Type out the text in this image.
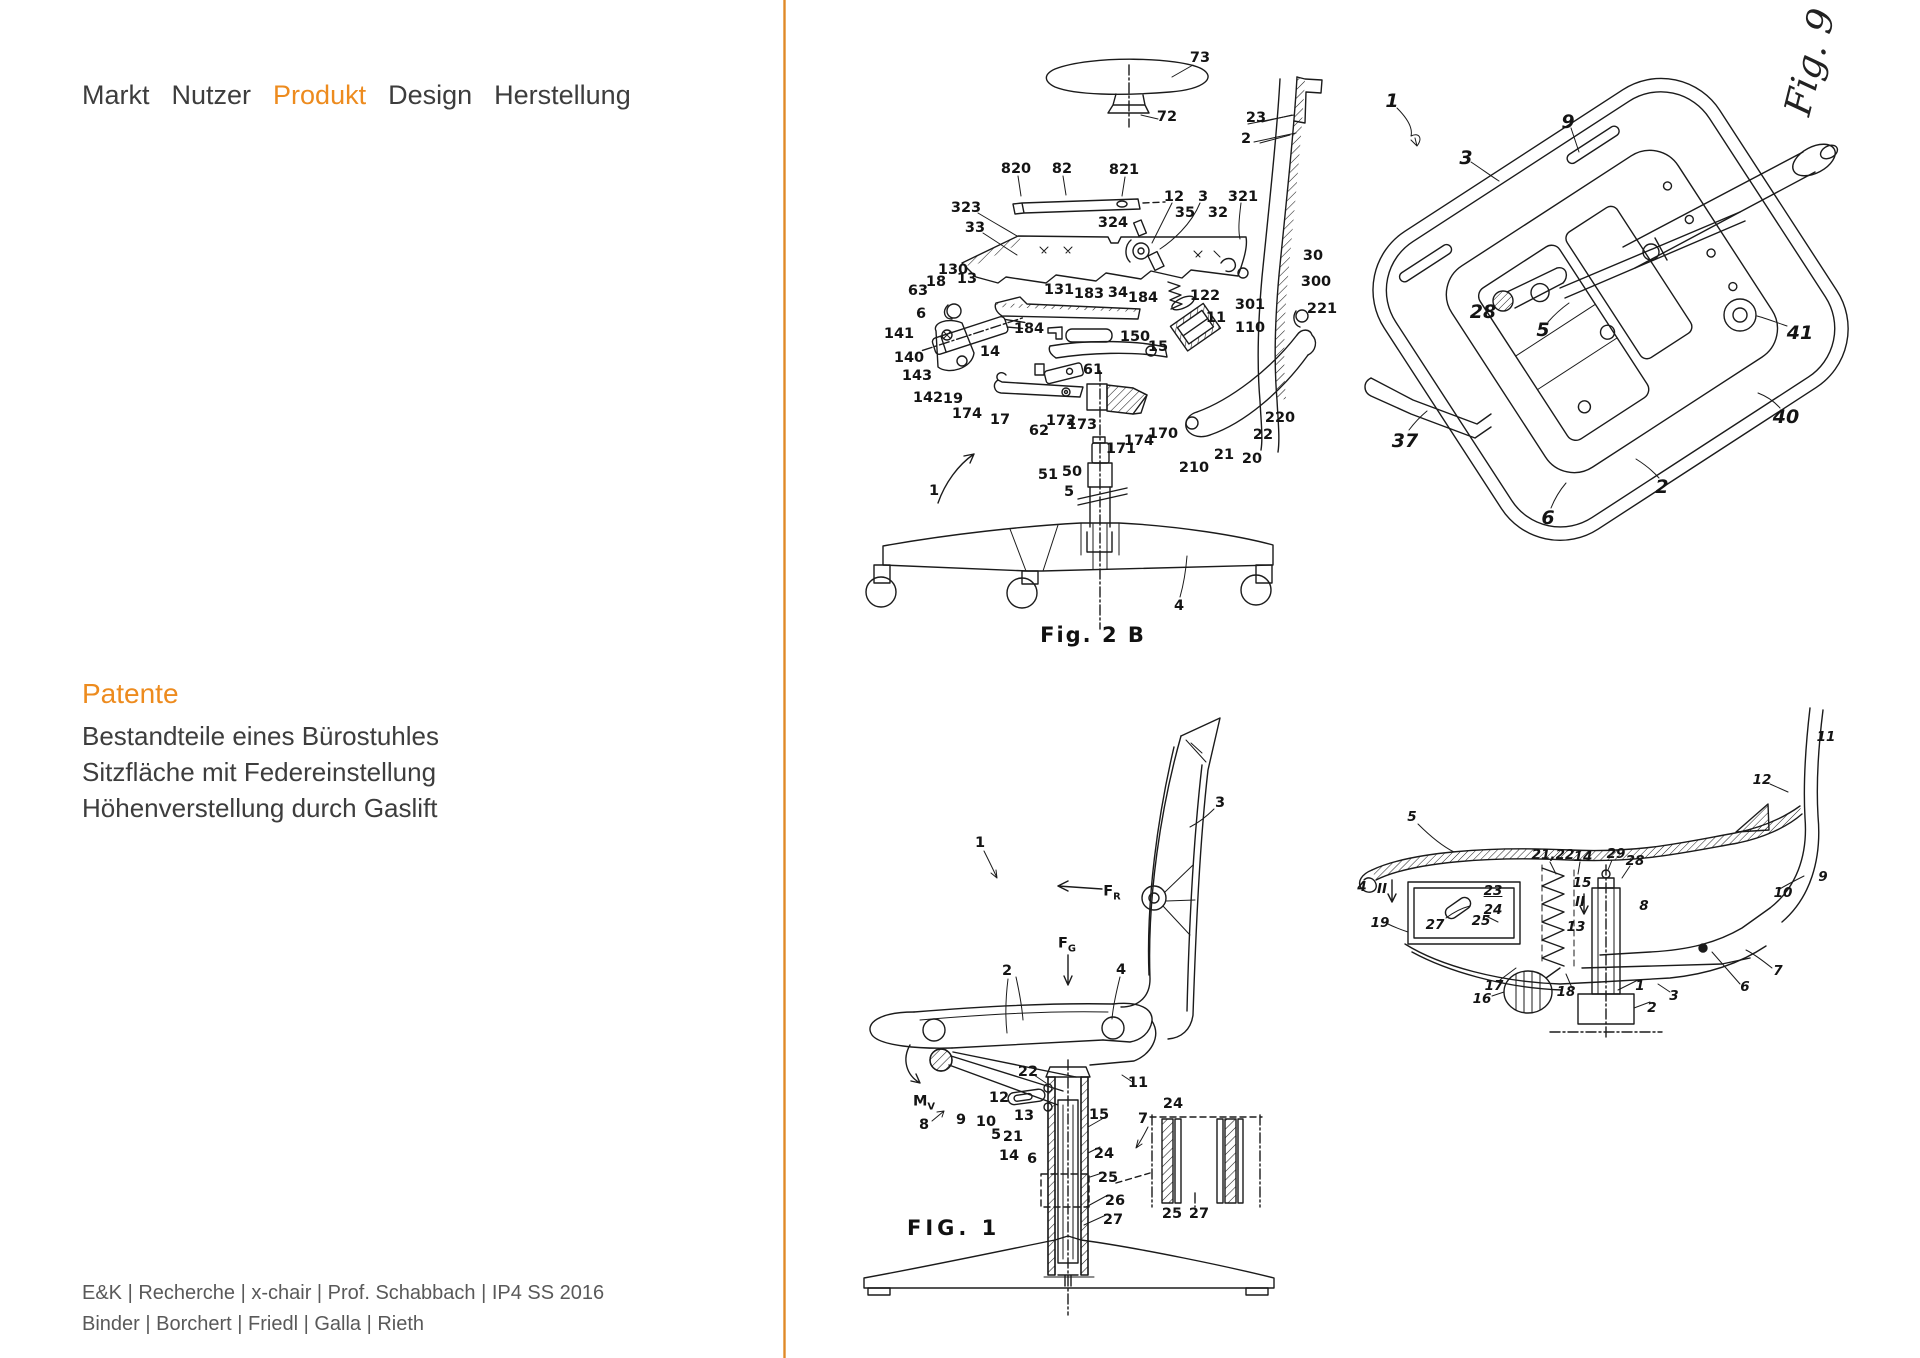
Markt Nutzer Produkt Design Herstellung
Patente
Bestandteile eines Bürostuhles
Sitzfläche mit Federeinstellung
Höhenverstellung durch Gaslift
E&K | Recherche | x-chair | Prof. Schabbach | IP4 SS 2016
Binder | Borchert | Friedl | Galla | Rieth
Fig. 2 B
73
72
820 82	821
12 3 321
23
2
323
33	324
35 32
30
300
130
13
131 183 34 184 122
301	221
63
18
6
141
140
143
142 19
174
14
184	150
15
11
110
61
17
62
172
173
171
174
170
220
22
21 20
210
51 50
5
1
4
Fig. 9
1
9
3
28
5	41
37
40
2
6
FIG. 1
1
3
$F_R$
$F_G$
2	4
22
11
12
13	15
$M_V$
8 9 10
5 21
14 6	24
25
26
27
7
24
25 27
11
12
5
21,22 14 29 28
15
II	23
24
27 25
II
13
19
8
9
10
4
17
16	18	1
2
3
6
7
